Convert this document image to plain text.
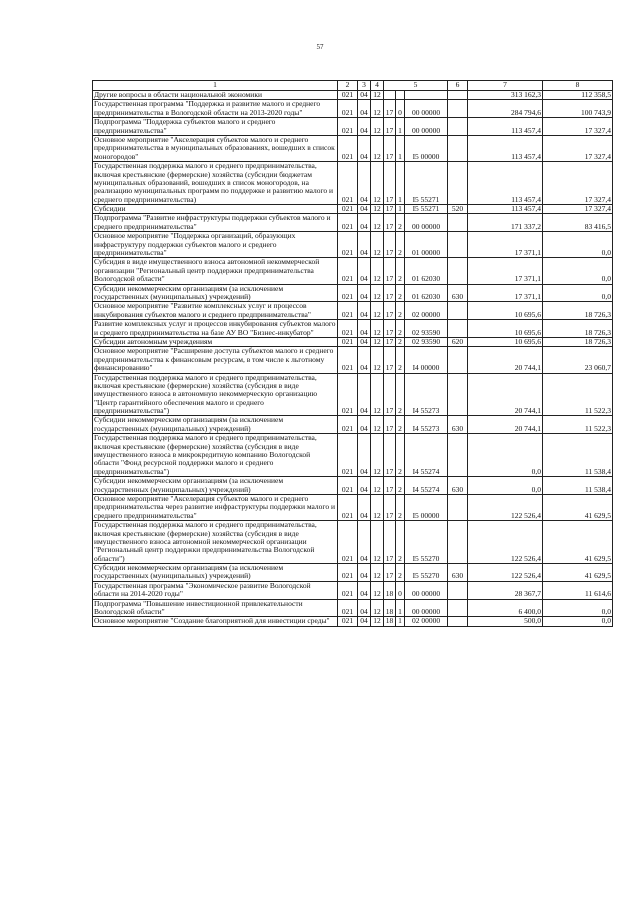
57
1	2	3	4	5			6	7	8
Другие вопросы в области национальной экономики	021	04	12					313 162,3	112 358,5
Государственная программа "Поддержка и развитие малого и среднего предпринимательства в Вологодской области на 2013-2020 годы"	021	04	12	17	0	00 00000		284 794,6	100 743,9
Подпрограмма "Поддержка субъектов малого и среднего предпринимательства"	021	04	12	17	1	00 00000		113 457,4	17 327,4
Основное мероприятие "Акселерация субъектов малого и среднего предпринимательства в муниципальных образованиях, вошедших в список моногородов"	021	04	12	17	1	I5 00000		113 457,4	17 327,4
Государственная поддержка малого и среднего предпринимательства, включая крестьянские (фермерские) хозяйства (субсидии бюджетам муниципальных образований, вошедших в список моногородов, на реализацию муниципальных программ по поддержке и развитию малого и среднего предпринимательства)	021	04	12	17	1	I5 55271		113 457,4	17 327,4
Субсидии	021	04	12	17	1	I5 55271	520	113 457,4	17 327,4
Подпрограмма "Развитие инфраструктуры поддержки субъектов малого и среднего предпринимательства"	021	04	12	17	2	00 00000		171 337,2	83 416,5
Основное мероприятие "Поддержка организаций, образующих инфраструктуру поддержки субъектов малого и среднего предпринимательства"	021	04	12	17	2	01 00000		17 371,1	0,0
Субсидия в виде имущественного взноса автономной некоммерческой организации "Региональный центр поддержки предпринимательства Вологодской области"	021	04	12	17	2	01 62030		17 371,1	0,0
Субсидии некоммерческим организациям (за исключением государственных (муниципальных) учреждений)	021	04	12	17	2	01 62030	630	17 371,1	0,0
Основное мероприятие "Развитие комплексных услуг и процессов инкубирования субъектов малого и среднего предпринимательства"	021	04	12	17	2	02 00000		10 695,6	18 726,3
Развитие комплексных услуг и процессов инкубирования субъектов малого и среднего предпринимательства на базе АУ ВО "Бизнес-инкубатор"	021	04	12	17	2	02 93590		10 695,6	18 726,3
Субсидии автономным учреждениям	021	04	12	17	2	02 93590	620	10 695,6	18 726,3
Основное мероприятие "Расширение доступа субъектов малого и среднего предпринимательства к финансовым ресурсам, в том числе к льготному финансированию"	021	04	12	17	2	I4 00000		20 744,1	23 060,7
Государственная поддержка малого и среднего предпринимательства, включая крестьянские (фермерские) хозяйства (субсидия в виде имущественного взноса в автономную некоммерческую организацию "Центр гарантийного обеспечения малого и среднего предпринимательства")	021	04	12	17	2	I4 55273		20 744,1	11 522,3
Субсидии некоммерческим организациям (за исключением государственных (муниципальных) учреждений)	021	04	12	17	2	I4 55273	630	20 744,1	11 522,3
Государственная поддержка малого и среднего предпринимательства, включая крестьянские (фермерские) хозяйства (субсидия в виде имущественного взноса в микрокредитную компанию Вологодской области "Фонд ресурсной поддержки малого и среднего предпринимательства")	021	04	12	17	2	I4 55274		0,0	11 538,4
Субсидии некоммерческим организациям (за исключением государственных (муниципальных) учреждений)	021	04	12	17	2	I4 55274	630	0,0	11 538,4
Основное мероприятие "Акселерация субъектов малого и среднего предпринимательства через развитие инфраструктуры поддержки малого и среднего предпринимательства"	021	04	12	17	2	I5 00000		122 526,4	41 629,5
Государственная поддержка малого и среднего предпринимательства, включая крестьянские (фермерские) хозяйства (субсидия в виде имущественного взноса автономной некоммерческой организации "Региональный центр поддержки предпринимательства Вологодской области")	021	04	12	17	2	I5 55270		122 526,4	41 629,5
Субсидии некоммерческим организациям (за исключением государственных (муниципальных) учреждений)	021	04	12	17	2	I5 55270	630	122 526,4	41 629,5
Государственная программа "Экономическое развитие Вологодской области на 2014-2020 годы"	021	04	12	18	0	00 00000		28 367,7	11 614,6
Подпрограмма "Повышение инвестиционной привлекательности Вологодской области"	021	04	12	18	1	00 00000		6 400,0	0,0
Основное мероприятие "Создание благоприятной для инвестиции среды"	021	04	12	18	1	02 00000		500,0	0,0
